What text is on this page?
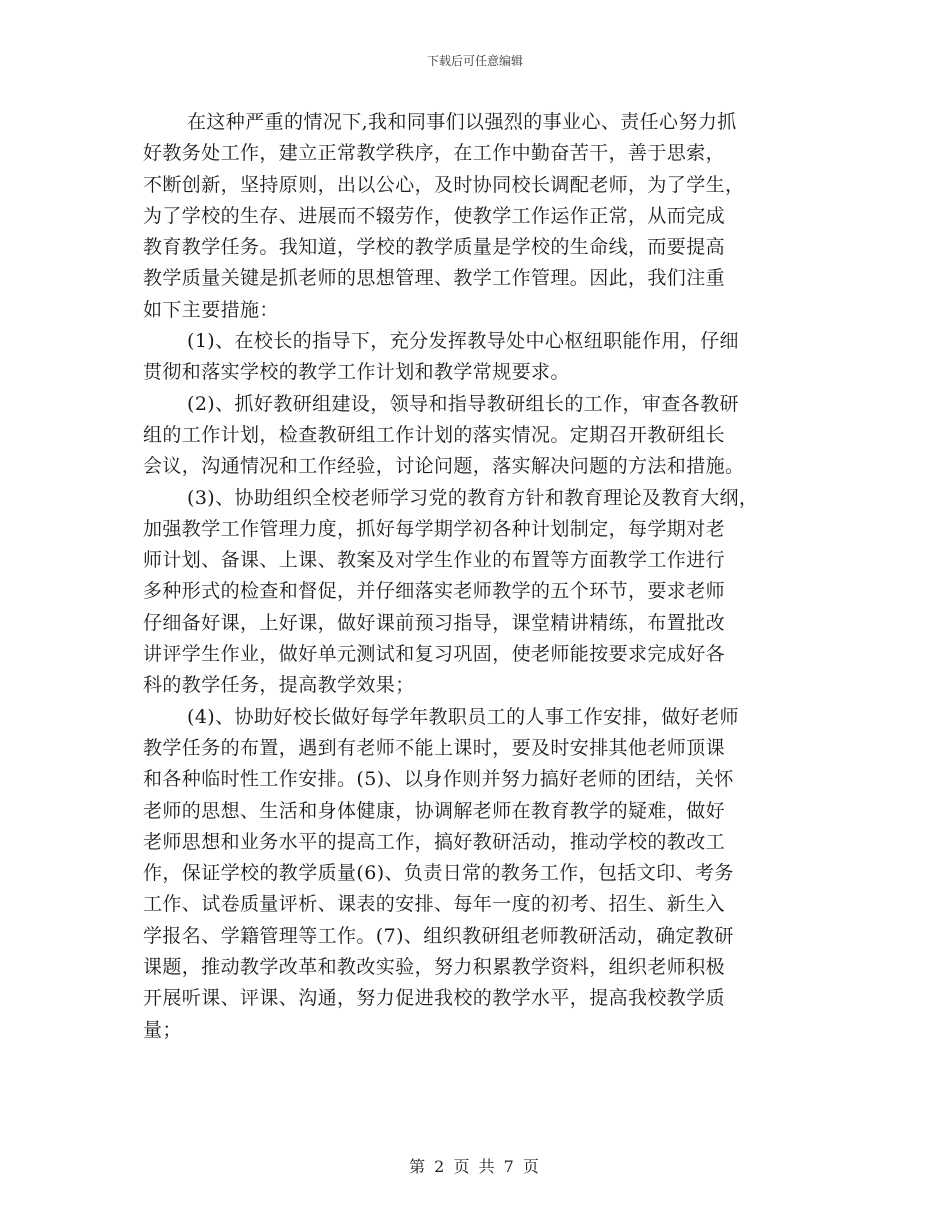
下载后可任意编辑
在这种严重的情况下,我和同事们以强烈的事业心、责任心努力抓
好教务处工作，建立正常教学秩序，在工作中勤奋苦干，善于思索，
不断创新，坚持原则，出以公心，及时协同校长调配老师，为了学生，
为了学校的生存、进展而不辍劳作，使教学工作运作正常，从而完成
教育教学任务。我知道，学校的教学质量是学校的生命线，而要提高
教学质量关键是抓老师的思想管理、教学工作管理。因此，我们注重
如下主要措施：
(1)、在校长的指导下，充分发挥教导处中心枢纽职能作用，仔细
贯彻和落实学校的教学工作计划和教学常规要求。
(2)、抓好教研组建设，领导和指导教研组长的工作，审查各教研
组的工作计划，检查教研组工作计划的落实情况。定期召开教研组长
会议，沟通情况和工作经验，讨论问题，落实解决问题的方法和措施。
(3)、协助组织全校老师学习党的教育方针和教育理论及教育大纲，
加强教学工作管理力度，抓好每学期学初各种计划制定，每学期对老
师计划、备课、上课、教案及对学生作业的布置等方面教学工作进行
多种形式的检查和督促，并仔细落实老师教学的五个环节，要求老师
仔细备好课，上好课，做好课前预习指导，课堂精讲精练，布置批改
讲评学生作业，做好单元测试和复习巩固，使老师能按要求完成好各
科的教学任务，提高教学效果；
(4)、协助好校长做好每学年教职员工的人事工作安排，做好老师
教学任务的布置，遇到有老师不能上课时，要及时安排其他老师顶课
和各种临时性工作安排。(5)、以身作则并努力搞好老师的团结，关怀
老师的思想、生活和身体健康，协调解老师在教育教学的疑难，做好
老师思想和业务水平的提高工作，搞好教研活动，推动学校的教改工
作，保证学校的教学质量(6)、负责日常的教务工作，包括文印、考务
工作、试卷质量评析、课表的安排、每年一度的初考、招生、新生入
学报名、学籍管理等工作。(7)、组织教研组老师教研活动，确定教研
课题，推动教学改革和教改实验，努力积累教学资料，组织老师积极
开展听课、评课、沟通，努力促进我校的教学水平，提高我校教学质
量；
第 2 页 共 7 页
